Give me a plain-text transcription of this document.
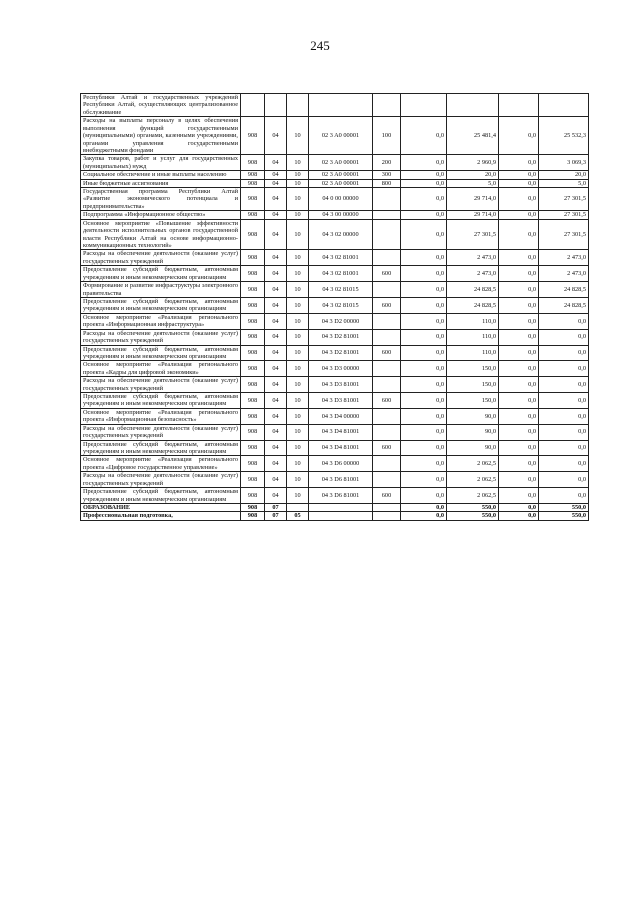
245
Республики Алтай и государственных учреждений Республики Алтай, осуществляющих централизованное обслуживание									
Расходы на выплаты персоналу в целях обеспечения выполнения функций государственными (муниципальными) органами, казенными учреждениями, органами управления государственными внебюджетными фондами	908	04	10	02 3 A0 00001	100	0,0	25 481,4	0,0	25 532,3
Закупка товаров, работ и услуг для государственных (муниципальных) нужд	908	04	10	02 3 A0 00001	200	0,0	2 960,9	0,0	3 069,3
Социальное обеспечение и иные выплаты населению	908	04	10	02 3 A0 00001	300	0,0	20,0	0,0	20,0
Иные бюджетные ассигнования	908	04	10	02 3 A0 00001	800	0,0	5,0	0,0	5,0
Государственная программа Республики Алтай «Развитие экономического потенциала и предпринимательства»	908	04	10	04 0 00 00000		0,0	29 714,0	0,0	27 301,5
Подпрограмма «Информационное общество»	908	04	10	04 3 00 00000		0,0	29 714,0	0,0	27 301,5
Основное мероприятие «Повышение эффективности деятельности исполнительных органов государственной власти Республики Алтай на основе информационно-коммуникационных технологий»	908	04	10	04 3 02 00000		0,0	27 301,5	0,0	27 301,5
Расходы на обеспечение деятельности (оказание услуг) государственных учреждений	908	04	10	04 3 02 81001		0,0	2 473,0	0,0	2 473,0
Предоставление субсидий бюджетным, автономным учреждениям и иным некоммерческим организациям	908	04	10	04 3 02 81001	600	0,0	2 473,0	0,0	2 473,0
Формирование и развитие инфраструктуры электронного правительства	908	04	10	04 3 02 81015		0,0	24 828,5	0,0	24 828,5
Предоставление субсидий бюджетным, автономным учреждениям и иным некоммерческим организациям	908	04	10	04 3 02 81015	600	0,0	24 828,5	0,0	24 828,5
Основное мероприятие «Реализация регионального проекта «Информационная инфраструктура»	908	04	10	04 3 D2 00000		0,0	110,0	0,0	0,0
Расходы на обеспечение деятельности (оказание услуг) государственных учреждений	908	04	10	04 3 D2 81001		0,0	110,0	0,0	0,0
Предоставление субсидий бюджетным, автономным учреждениям и иным некоммерческим организациям	908	04	10	04 3 D2 81001	600	0,0	110,0	0,0	0,0
Основное мероприятие «Реализация регионального проекта «Кадры для цифровой экономики»	908	04	10	04 3 D3 00000		0,0	150,0	0,0	0,0
Расходы на обеспечение деятельности (оказание услуг) государственных учреждений	908	04	10	04 3 D3 81001		0,0	150,0	0,0	0,0
Предоставление субсидий бюджетным, автономным учреждениям и иным некоммерческим организациям	908	04	10	04 3 D3 81001	600	0,0	150,0	0,0	0,0
Основное мероприятие «Реализация регионального проекта «Информационная безопасность»	908	04	10	04 3 D4 00000		0,0	90,0	0,0	0,0
Расходы на обеспечение деятельности (оказание услуг) государственных учреждений	908	04	10	04 3 D4 81001		0,0	90,0	0,0	0,0
Предоставление субсидий бюджетным, автономным учреждениям и иным некоммерческим организациям	908	04	10	04 3 D4 81001	600	0,0	90,0	0,0	0,0
Основное мероприятие «Реализация регионального проекта «Цифровое государственное управление»	908	04	10	04 3 D6 00000		0,0	2 062,5	0,0	0,0
Расходы на обеспечение деятельности (оказание услуг) государственных учреждений	908	04	10	04 3 D6 81001		0,0	2 062,5	0,0	0,0
Предоставление субсидий бюджетным, автономным учреждениям и иным некоммерческим организациям	908	04	10	04 3 D6 81001	600	0,0	2 062,5	0,0	0,0
ОБРАЗОВАНИЕ	908	07				0,0	550,0	0,0	550,0
Профессиональная подготовка,	908	07	05			0,0	550,0	0,0	550,0
